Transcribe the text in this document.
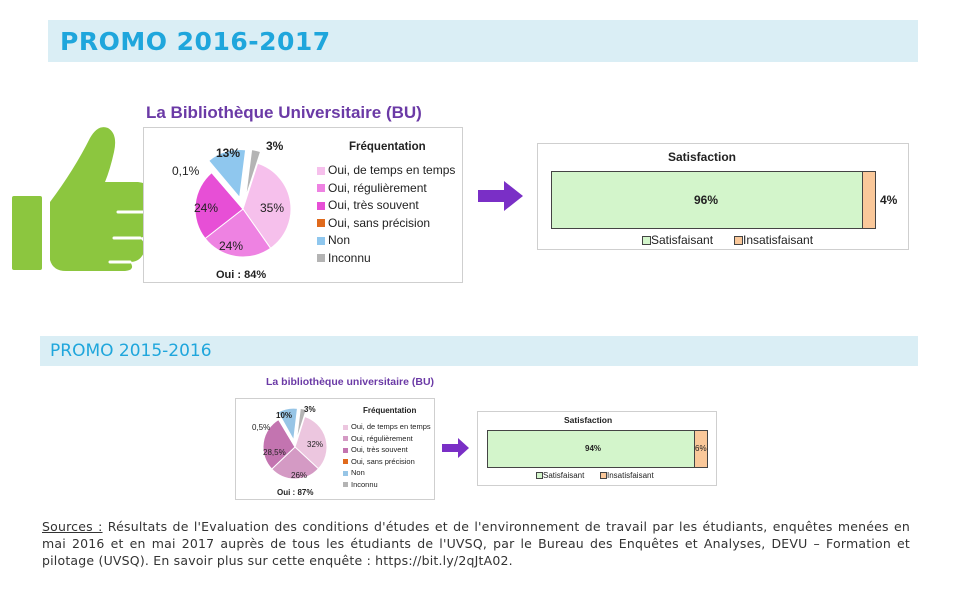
PROMO 2016-2017
PROMO 2015-2016
La Bibliothèque Universitaire (BU)
35%
24%
24%
0,1%
13% 3%
Oui : 84%
Fréquentation
Oui, de temps en temps
Oui, régulièrement
Oui, très souvent
Oui, sans précision
Non
Inconnu
Satisfaction
96%	4%
Satisfaisant	Insatisfaisant
La bibliothèque universitaire (BU)
32%
26%
28,5%
0,5%
10%
3%
Oui : 87%
Fréquentation
Oui, de temps en temps
Oui, régulièrement
Oui, très souvent
Oui, sans précision
Non
Inconnu
Satisfaction
94%	6%
Satisfaisant	Insatisfaisant
Sources : Résultats de l'Evaluation des conditions d'études et de l'environnement de travail par les étudiants, enquêtes menées en mai 2016 et en mai 2017 auprès de tous les étudiants de l'UVSQ, par le Bureau des Enquêtes et Analyses, DEVU – Formation et pilotage (UVSQ). En savoir plus sur cette enquête : https://bit.ly/2qJtA02.
